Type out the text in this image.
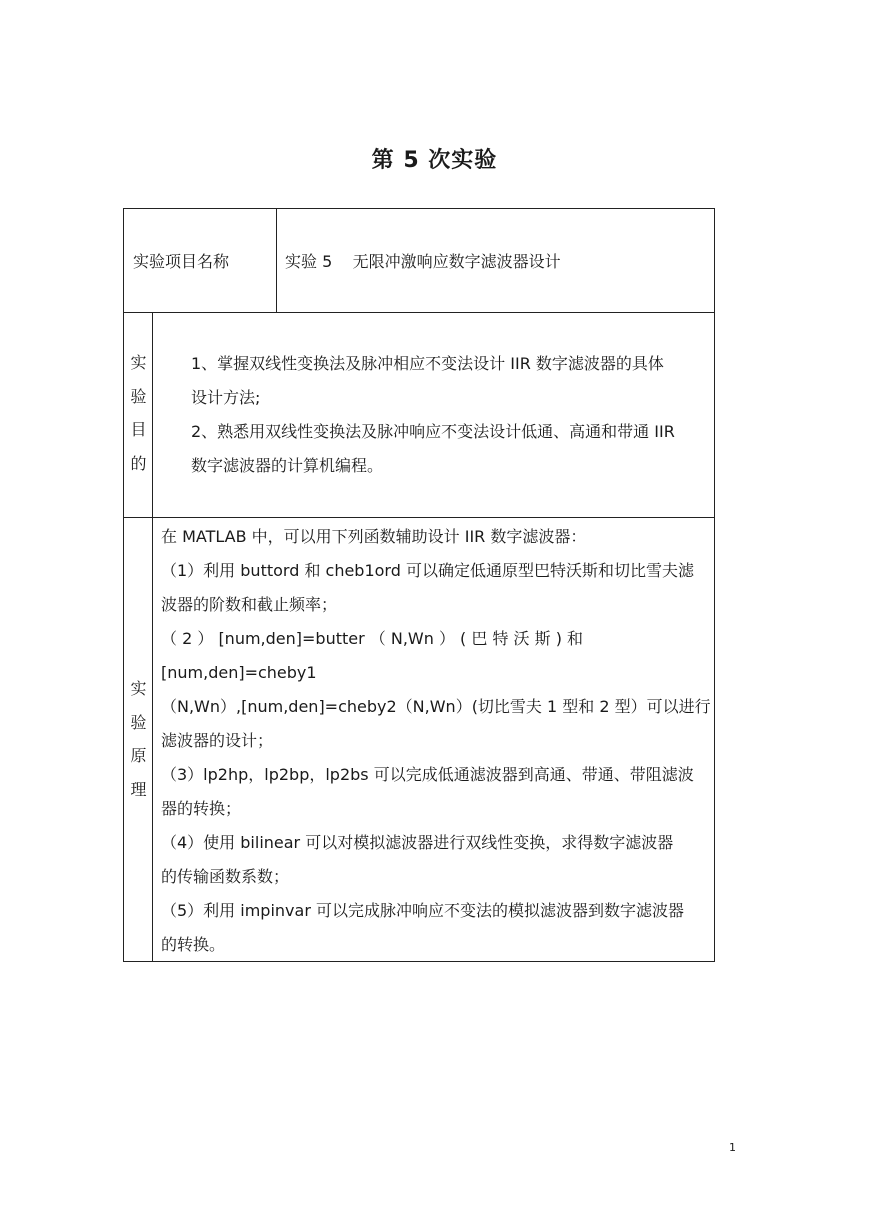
第 5 次实验
实验项目名称	实验 5    无限冲激响应数字滤波器设计
实
验
目
的

1、掌握双线性变换法及脉冲相应不变法设计 IIR 数字滤波器的具体

设计方法;

2、熟悉用双线性变换法及脉冲响应不变法设计低通、高通和带通 IIR

数字滤波器的计算机编程。

实
验
原
理

在 MATLAB 中，可以用下列函数辅助设计 IIR 数字滤波器：

（1）利用 buttord 和 cheb1ord 可以确定低通原型巴特沃斯和切比雪夫滤

波器的阶数和截止频率；

（ 2 ） [num,den]=butter （ N,Wn ） ( 巴 特 沃 斯 ) 和 [num,den]=cheby1

（N,Wn）,[num,den]=cheby2（N,Wn）(切比雪夫 1 型和 2 型）可以进行

滤波器的设计；

（3）lp2hp，lp2bp，lp2bs 可以完成低通滤波器到高通、带通、带阻滤波

器的转换；

（4）使用 bilinear 可以对模拟滤波器进行双线性变换，求得数字滤波器

的传输函数系数；

（5）利用 impinvar 可以完成脉冲响应不变法的模拟滤波器到数字滤波器

的转换。

1
